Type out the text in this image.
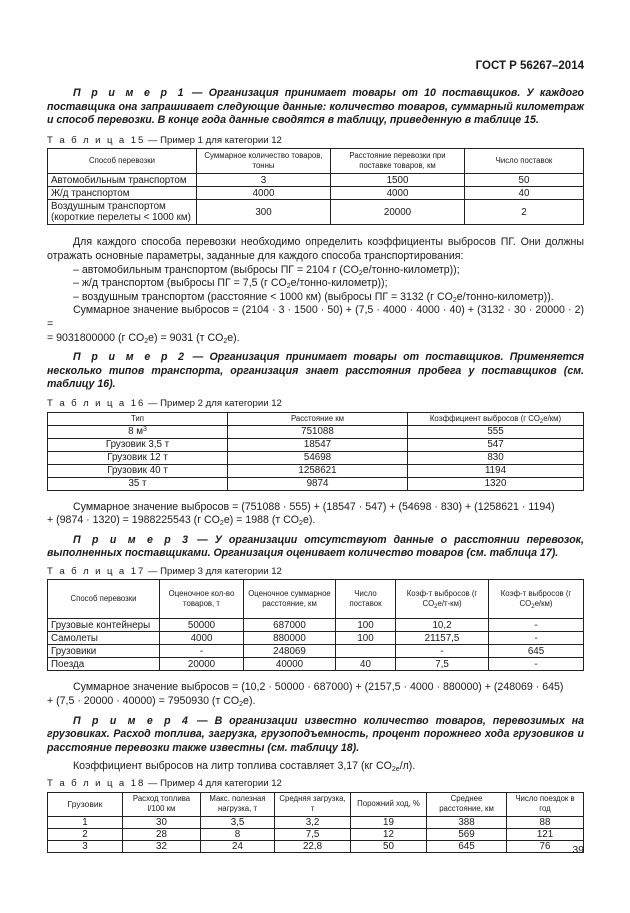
ГОСТ Р 56267–2014

П р и м е р 1 — Организация принимает товары от 10 поставщиков. У каждого поставщика она запрашивает следующие данные: количество товаров, суммарный километраж и способ перевозки. В конце года данные сводятся в таблицу, приведенную в таблице 15.

Т а б л и ц а 15 — Пример 1 для категории 12

Способ перевозки	Суммарное количество товаров, тонны	Расстояние перевозки при поставке товаров, км	Число поставок
Автомобильным транспортом	3	1500	50
Ж/д транспортом	4000	4000	40
Воздушным транспортом
(короткие перелеты < 1000 км)	300	20000	2

Для каждого способа перевозки необходимо определить коэффициенты выбросов ПГ. Они должны отражать основные параметры, заданные для каждого способа транспортирования:

– автомобильным транспортом (выбросы ПГ = 2104 г $(CO_2е/тонно-километр)$);

– ж/д транспортом (выбросы ПГ = 7,5 (г $CO_2е/тонно-километр$));

– воздушным транспортом (расстояние < 1000 км) (выбросы ПГ = 3132 (г $CO_2е/тонно-километр$)).

Суммарное значение выбросов = (2104 · 3 · 1500 · 50) + (7,5 · 4000 · 4000 · 40) + (3132 · 30 · 20000 · 2) =

= 9031800000 (г $CO_2е) = 9031$ (т $CO_2е$).

П р и м е р 2 — Организация принимает товары от поставщиков. Применяется несколько типов транспорта, организация знает расстояния пробега у поставщиков (см. таблицу 16).

Т а б л и ц а 16 — Пример 2 для категории 12

Тип	Расстояние км	Коэффициент выбросов (г $CO_2е/км$)
8 $м^3$	751088	555
Грузовик 3,5 т	18547	547
Грузовик 12 т	54698	830
Грузовик 40 т	1258621	1194
35 т	9874	1320

Суммарное значение выбросов = (751088 · 555) + (18547 · 547) + (54698 · 830) + (1258621 · 1194)

+ (9874 · 1320) = 1988225543 (г $CO_2е) = 1988$ (т $CO_2е$).

П р и м е р 3 — У организации отсутствуют данные о расстоянии перевозок, выполненных поставщиками. Организация оценивает количество товаров (см. таблица 17).

Т а б л и ц а 17 — Пример 3 для категории 12

Способ перевозки	Оценочное кол-во товаров, т	Оценочное суммарное расстояние, км	Число поставок	Коэф-т выбросов (г $CO_2е/т-км$)	Коэф-т выбросов (г $CO_2е/км$)
Грузовые контейнеры	50000	687000	100	10,2	-
Самолеты	4000	880000	100	21157,5	-
Грузовики	-	248069		-	645
Поезда	20000	40000	40	7,5	-

Суммарное значение выбросов = (10,2 · 50000 · 687000) + (2157,5 · 4000 · 880000) + (248069 · 645)

+ (7,5 · 20000 · 40000) = 7950930 (т $CO_2е$).

П р и м е р 4 — В организации известно количество товаров, перевозимых на грузовиках. Расход топлива, загрузка, грузоподъемность, процент порожнего хода грузовиков и расстояние перевозки также известны (см. таблицу 18).

Коэффициент выбросов на литр топлива составляет 3,17 (кг $CO_{2е}/л$).

Т а б л и ц а 18 — Пример 4 для категории 12

Грузовик	Расход топлива l/100 км	Макс. полезная нагрузка, т	Средняя загрузка, т	Порожний ход, %	Среднее расстояние, км	Число поездок в год
1	30	3,5	3,2	19	388	88
2	28	8	7,5	12	569	121
3	32	24	22,8	50	645	76 39
